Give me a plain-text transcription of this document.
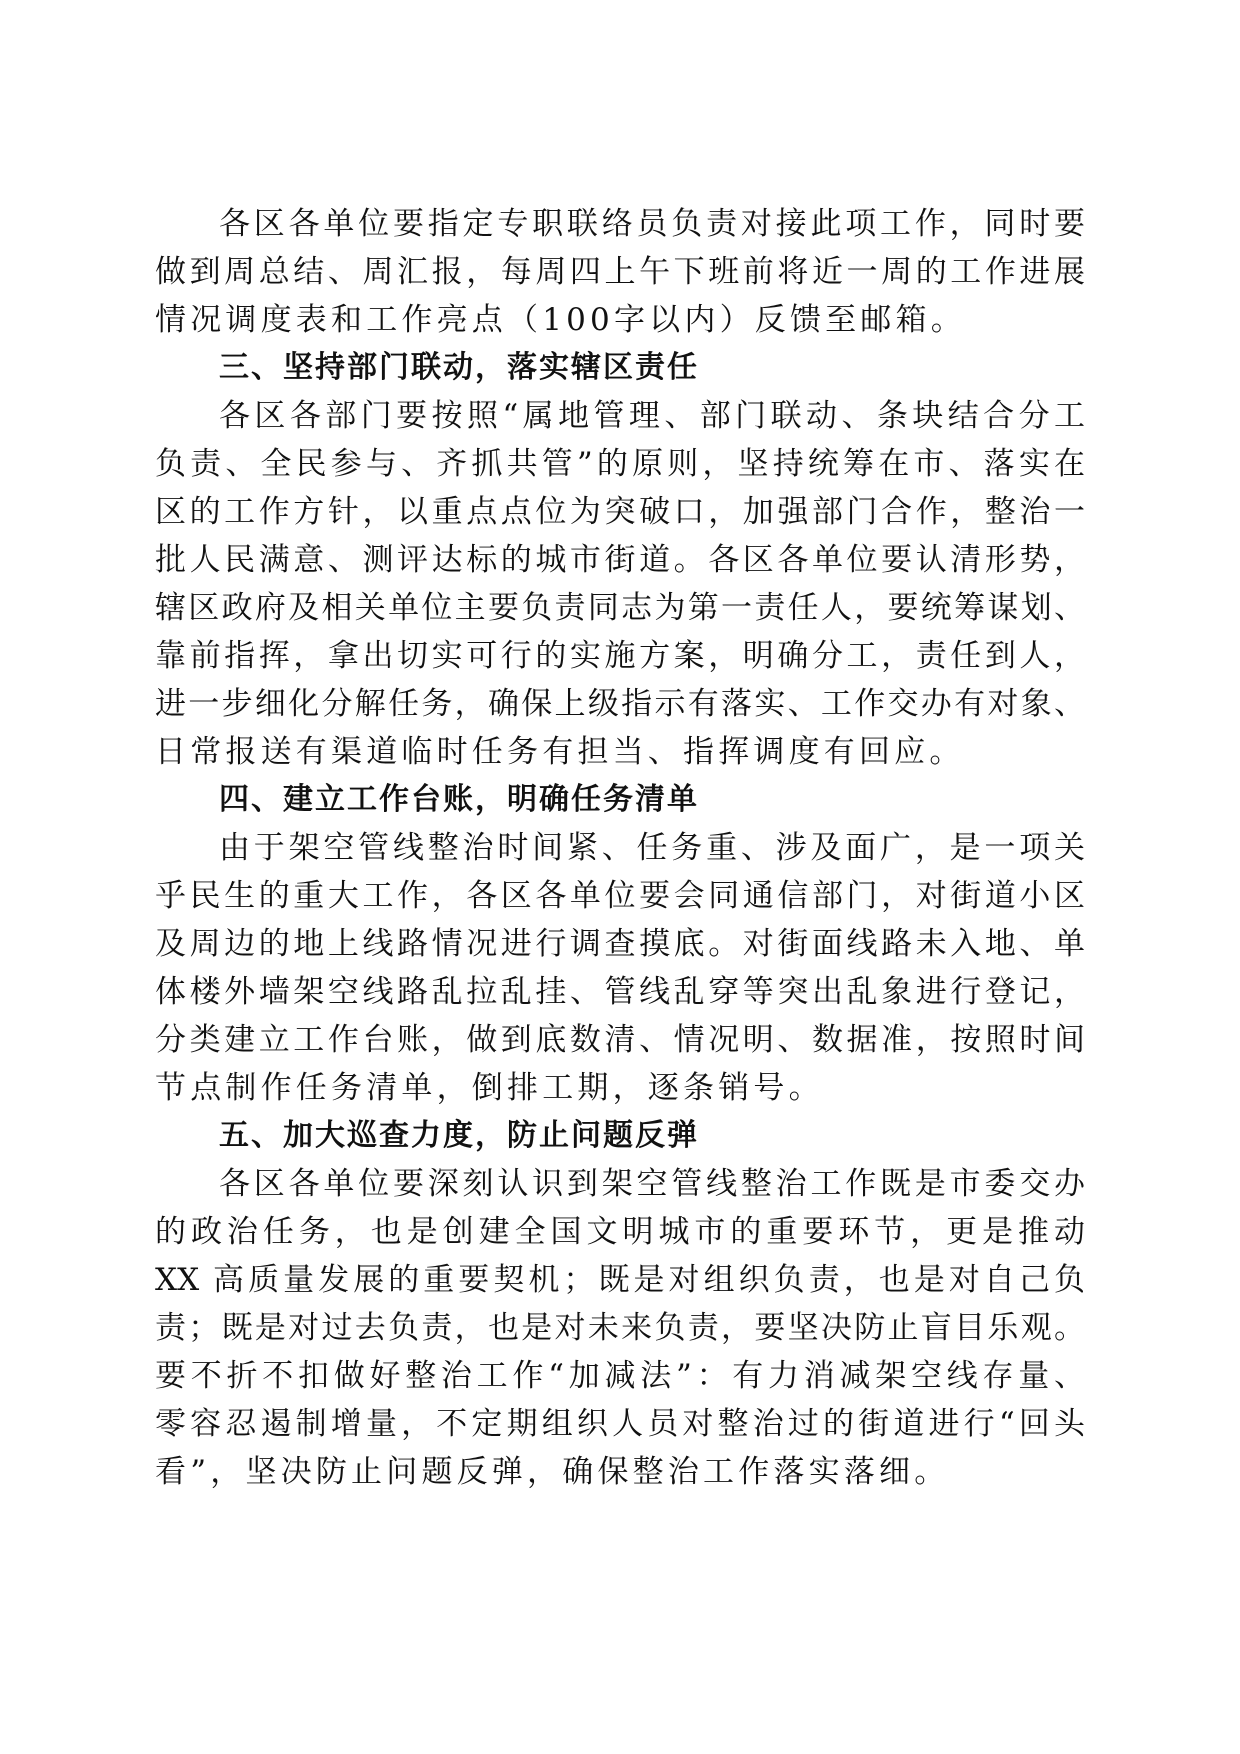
各区各单位要指定专职联络员负责对接此项工作，同时要
做到周总结、周汇报，每周四上午下班前将近一周的工作进展
情况调度表和工作亮点（100字以内）反馈至邮箱。
三、坚持部门联动，落实辖区责任
各区各部门要按照“属地管理、部门联动、条块结合分工
负责、全民参与、齐抓共管”的原则，坚持统筹在市、落实在
区的工作方针，以重点点位为突破口，加强部门合作，整治一
批人民满意、测评达标的城市街道。各区各单位要认清形势，
辖区政府及相关单位主要负责同志为第一责任人，要统筹谋划、
靠前指挥，拿出切实可行的实施方案，明确分工，责任到人，
进一步细化分解任务，确保上级指示有落实、工作交办有对象、
日常报送有渠道临时任务有担当、指挥调度有回应。
四、建立工作台账，明确任务清单
由于架空管线整治时间紧、任务重、涉及面广，是一项关
乎民生的重大工作，各区各单位要会同通信部门，对街道小区
及周边的地上线路情况进行调查摸底。对街面线路未入地、单
体楼外墙架空线路乱拉乱挂、管线乱穿等突出乱象进行登记，
分类建立工作台账，做到底数清、情况明、数据准，按照时间
节点制作任务清单，倒排工期，逐条销号。
五、加大巡查力度，防止问题反弹
各区各单位要深刻认识到架空管线整治工作既是市委交办
的政治任务，也是创建全国文明城市的重要环节，更是推动
XX 高质量发展的重要契机；既是对组织负责，也是对自己负
责；既是对过去负责，也是对未来负责，要坚决防止盲目乐观。
要不折不扣做好整治工作“加减法”：有力消减架空线存量、
零容忍遏制增量，不定期组织人员对整治过的街道进行“回头
看”，坚决防止问题反弹，确保整治工作落实落细。
